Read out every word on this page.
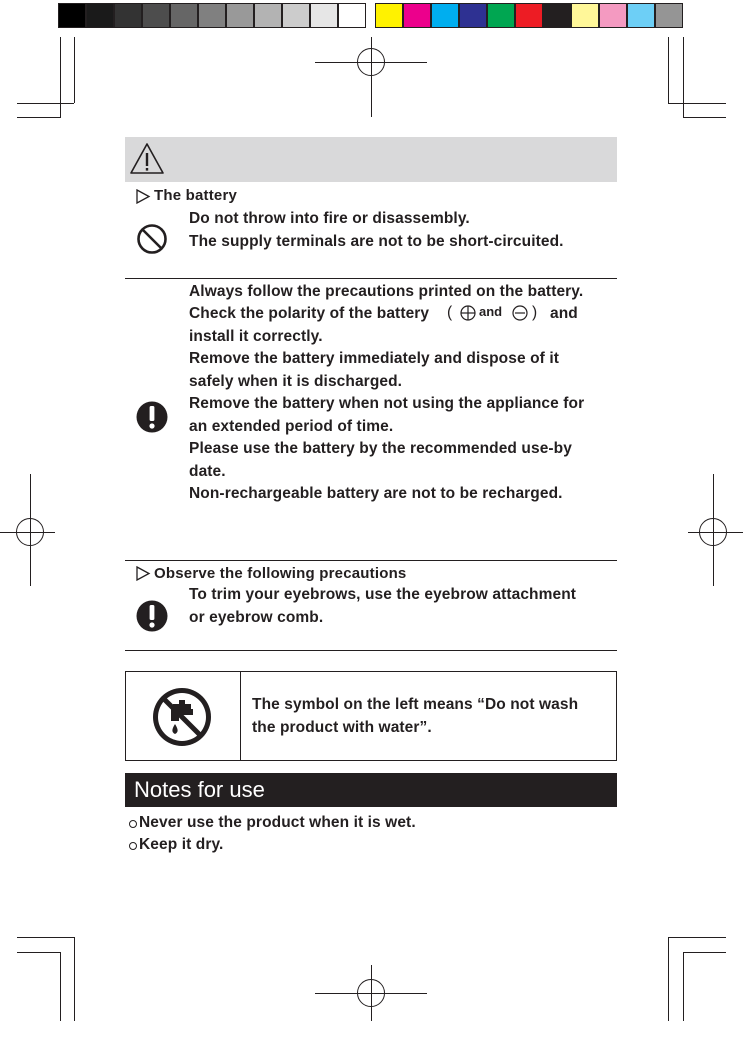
The battery
Do not throw into fire or disassembly.
The supply terminals are not to be short-circuited.
Always follow the precautions printed on the battery.
Check the polarity of the battery ( and ) and
install it correctly.
Remove the battery immediately and dispose of it
safely when it is discharged.
Remove the battery when not using the appliance for
an extended period of time.
Please use the battery by the recommended use-by
date.
Non-rechargeable battery are not to be recharged.
Observe the following precautions
To trim your eyebrows, use the eyebrow attachment
or eyebrow comb.
The symbol on the left means “Do not wash
the product with water”.
Notes for use
Never use the product when it is wet.
Keep it dry.
